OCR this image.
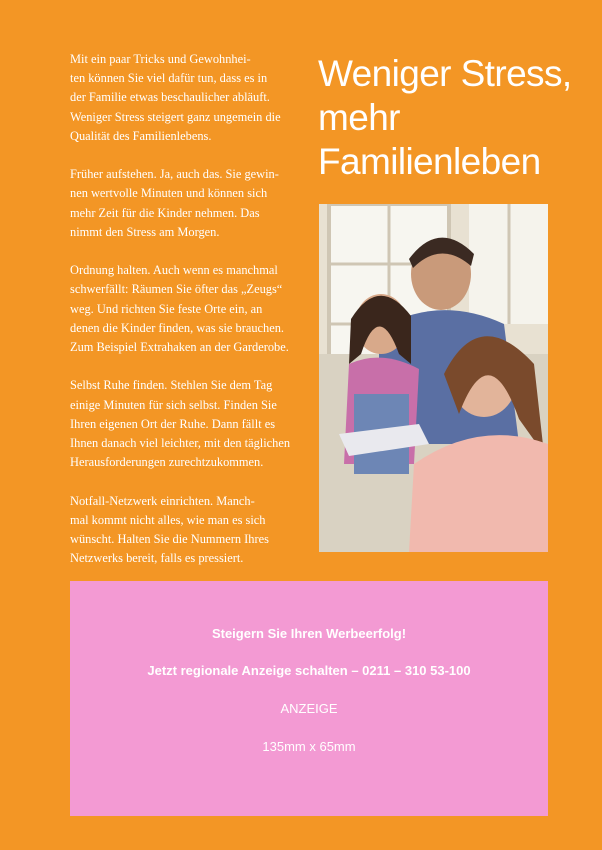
Mit ein paar Tricks und Gewohnhei-
ten können Sie viel dafür tun, dass es in
der Familie etwas beschaulicher abläuft.
Weniger Stress steigert ganz ungemein die
Qualität des Familienlebens.

Früher aufstehen. Ja, auch das. Sie gewin-
nen wertvolle Minuten und können sich
mehr Zeit für die Kinder nehmen. Das
nimmt den Stress am Morgen.

Ordnung halten. Auch wenn es manchmal
schwerfällt: Räumen Sie öfter das „Zeugs“
weg. Und richten Sie feste Orte ein, an
denen die Kinder finden, was sie brauchen.
Zum Beispiel Extrahaken an der Garderobe.

Selbst Ruhe finden. Stehlen Sie dem Tag
einige Minuten für sich selbst. Finden Sie
Ihren eigenen Ort der Ruhe. Dann fällt es
Ihnen danach viel leichter, mit den täglichen
Herausforderungen zurechtzukommen.

Notfall-Netzwerk einrichten. Manch-
mal kommt nicht alles, wie man es sich
wünscht. Halten Sie die Nummern Ihres
Netzwerks bereit, falls es pressiert.

Weniger Stress,
mehr
Familienleben
Steigern Sie Ihren Werbeerfolg!
Jetzt regionale Anzeige schalten – 0211 – 310 53-100
ANZEIGE
135mm x 65mm
